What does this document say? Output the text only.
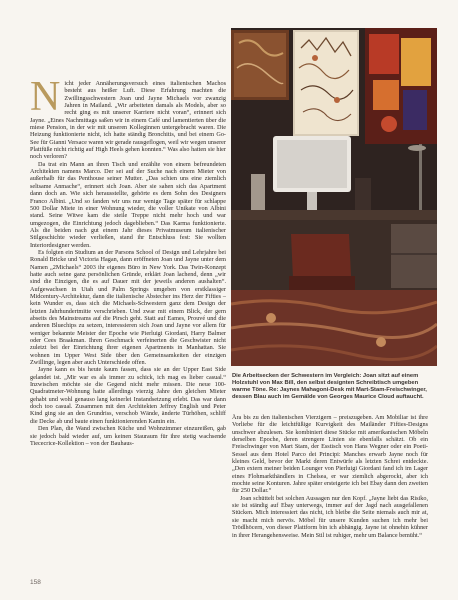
Nicht jeder Annäherungsversuch eines italienischen Machos besteht aus heißer Luft. Diese Erfahrung machten die Zwillingsschwestern Joan und Jayne Michaels vor zwanzig Jahren in Mailand. „Wir arbeiteten damals als Models, aber so recht ging es mit unserer Karriere nicht voran“, erinnert sich Jayne. „Eines Nachmittags saßen wir in einem Café und lamentierten über die miese Pension, in der wir mit unseren Kolleginnen untergebracht waren. Die Heizung funktionierte nicht, ich hatte ständig Bronchitis, und bei einem Go-See für Gianni Versace waren wir gerade rausgeflogen, weil wir wegen unserer Plattfüße nicht richtig auf High Heels gehen konnten.“ Was also hatten sie hier noch verloren?

Da trat ein Mann an ihren Tisch und erzählte von einem befreundeten Architekten namens Marco. Der sei auf der Suche nach einem Mieter von außerhalb für das Penthouse seiner Mutter. „Das schien uns eine ziemlich seltsame Anmache“, erinnert sich Joan. Aber sie sahen sich das Apartment dann doch an. Wie sich herausstellte, gehörte es dem Sohn des Designers Franco Albini. „Und so fanden wir uns nur wenige Tage später für schlappe 500 Dollar Miete in einer Wohnung wieder, die voller Unikate von Albini stand. Seine Witwe kam die steile Treppe nicht mehr hoch und war umgezogen, die Einrichtung jedoch dageblieben.“ Das Karma funktionierte. Als die beiden nach gut einem Jahr dieses Privatmuseum italienischer Stilgeschichte wieder verließen, stand ihr Entschluss fest: Sie wollten Interiordesigner werden.

Es folgten ein Studium an der Parsons School of Design und Lehrjahre bei Ronald Bricke und Victoria Hagan, dann eröffneten Joan und Jayne unter dem Namen „2Michaels“ 2003 ihr eigenes Büro in New York. Das Twin-Konzept hatte auch seine ganz persönlichen Gründe, erklärt Joan lachend, denn „wir sind die Einzigen, die es auf Dauer mit der jeweils anderen aushalten“. Aufgewachsen in Utah und Palm Springs umgeben von erstklassiger Midcentury-Architektur, dann die italienische Abstecher ins Herz der Fifties – kein Wunder es, dass sich die Michaels-Schwestern ganz dem Design der letzten Jahrhundertmitte verschrieben. Und zwar mit einem Blick, der gern abseits des Mainstreams auf die Pirsch geht. Statt auf Eames, Prouvé und die anderen Bluechips zu setzen, interessieren sich Joan und Jayne vor allem für weniger bekannte Meister der Epoche wie Pierluigi Giordani, Harry Balmer oder Cees Braakman. Ihren Geschmack verfeinerten die Geschwister nicht zuletzt bei der Einrichtung ihrer eigenen Apartments in Manhattan. Sie wohnen im Upper West Side über den Gemeinsamkeiten der einzigen Zwillinge, legen aber auch Unterschiede offen.

Jayne kann es bis heute kaum fassen, dass sie an der Upper East Side gelandet ist. „Mir war es als immer zu schick, ich mag es lieber casual.“ Inzwischen möchte sie die Gegend nicht mehr missen. Die neue 100-Quadratmeter-Wohnung hatte allerdings vierzig Jahre den gleichen Mieter gehabt und wohl genauso lang keinerlei Instandsetzung erlebt. Das war dann doch too casual. Zusammen mit den Architekten Jeffrey English und Peter Kind ging sie an den Grundriss, verschob Wände, änderte Türhöhen, schliff die Decke ab und baute einen funktionierenden Kamin ein.

Den Plan, die Wand zwischen Küche und Wohnzimmer einzureißen, gab sie jedoch bald wieder auf, um keinen Stauraum für ihre stetig wachsende Tiececrice-Kollektion – von der Bauhaus-

Die Arbeitsecken der Schwestern im Vergleich: Joan sitzt auf einem Holzstuhl von Max Bill, den selbst designten Schreibtisch umgeben warme Töne. Re: Jaynes Mahagoni-Desk mit Mart-Stam-Freischwinger, dessen Blau auch im Gemälde von Georges Maurice Cloud auftaucht.

Ära bis zu den italienischen Vierzigern – preiszugeben. Am Mobiliar ist ihre Vorliebe für die leichtfüßige Kurvigkeit des Mailänder Fifties-Designs unschwer abzulesen. Sie kombiniert diese Stücke mit amerikanischen Möbeln derselben Epoche, deren strengere Linien sie ebenfalls schätzt. Ob ein Freischwinger von Mart Stam, der Esstisch von Hans Wegner oder ein Poeti-Sessel aus dem Hotel Parco dei Principi: Manches erwarb Jayne noch für kleines Geld, bevor der Markt deren Entwürfe als letzten Schrei entdeckte. „Den extern meiner beiden Lounger von Pierluigi Giordani fand ich im Lager eines Flohmarkthändlers in Chelsea, er war ziemlich abgerockt, aber ich mochte seine Konturen. Jahre später ersteigerte ich bei Ebay dann den zweiten für 250 Dollar.“

Joan schüttelt bei solchen Aussagen nur den Kopf. „Jayne liebt das Risiko, sie ist ständig auf Ebay unterwegs, immer auf der Jagd nach ausgefallenen Stücken. Mich interessiert das nicht, ich bleibe die Seite niemals auch mir at, sie macht mich nervös. Möbel für unsere Kunden suchen ich mehr bei Trödlhöcern, von dieser Plattform bin ich abhängig. Jayne ist ohnehin kühner in ihrer Herangehensweise. Mein Stil ist ruhiger, mehr um Balance bemüht.“

158
